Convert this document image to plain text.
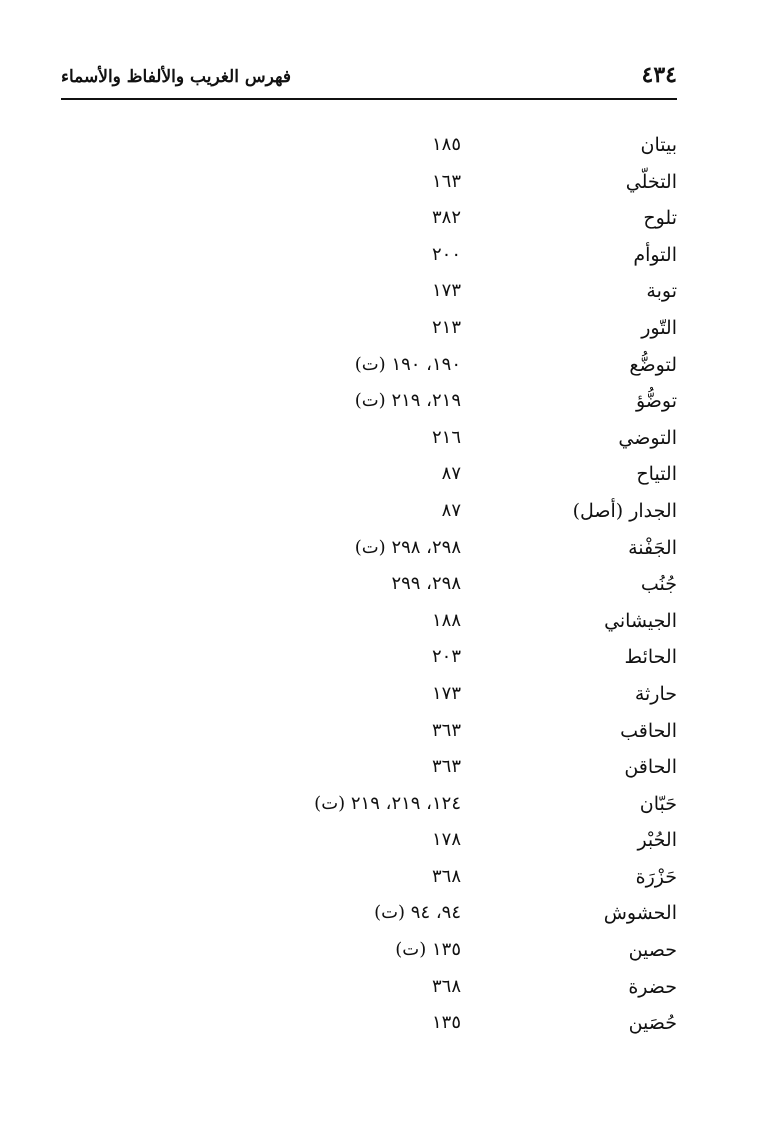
٤٣٤
فهرس الغريب والألفاظ والأسماء
بيتان
١٨٥
التخلّي
١٦٣
تلوح
٣٨٢
التوأم
٢٠٠
توبة
١٧٣
التّور
٢١٣
لتوضُّع
١٩٠، ١٩٠ (ت)
توضُّؤ
٢١٩، ٢١٩ (ت)
التوضي
٢١٦
التياح
٨٧
الجدار (أصل)
٨٧
الجَفْنة
٢٩٨، ٢٩٨ (ت)
جُنُب
٢٩٨، ٢٩٩
الجيشاني
١٨٨
الحائط
٢٠٣
حارثة
١٧٣
الحاقب
٣٦٣
الحاقن
٣٦٣
حَبّان
١٢٤، ٢١٩، ٢١٩ (ت)
الحُبْر
١٧٨
حَزْرَة
٣٦٨
الحشوش
٩٤، ٩٤ (ت)
حصين
١٣٥ (ت)
حضرة
٣٦٨
حُصَين
١٣٥
